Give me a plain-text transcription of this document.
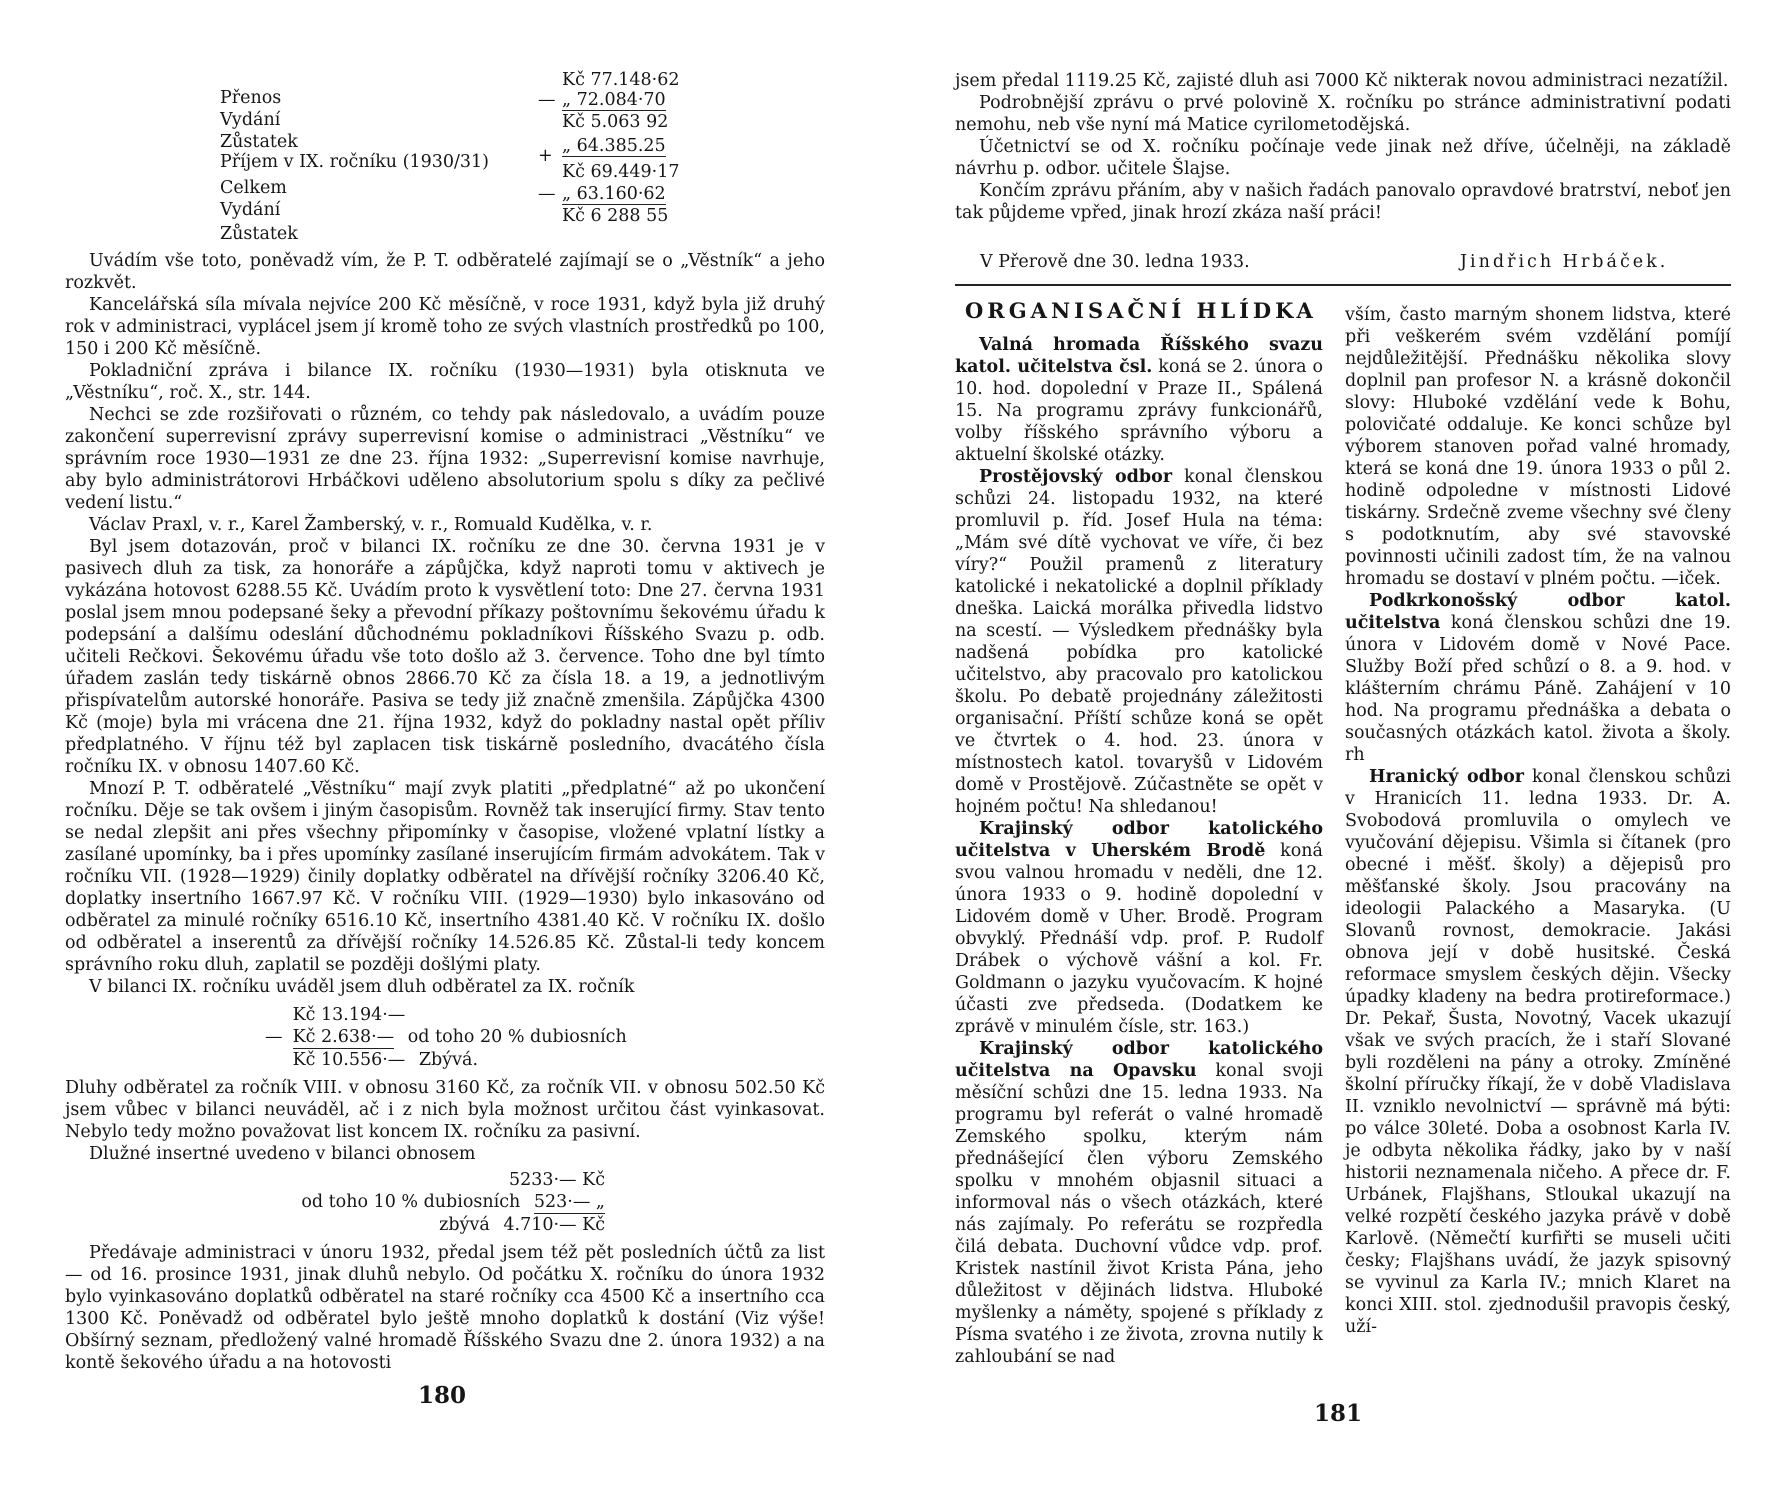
Přenos
Kč 77.148·62
Vydání
— „ 72.084·70
Zůstatek
Kč 5.063 92
Příjem v IX. ročníku (1930/31)	+ „ 64.385.25
Celkem
Kč 69.449·17
Vydání
— „ 63.160·62
Zůstatek
Kč 6 288 55

Uvádím vše toto, poněvadž vím, že P. T. odběratelé zajímají se o „Věstník“ a jeho rozkvět.

Kancelářská síla mívala nejvíce 200 Kč měsíčně, v roce 1931, když byla již druhý rok v administraci, vyplácel jsem jí kromě toho ze svých vlastních prostředků po 100, 150 i 200 Kč měsíčně.

Pokladniční zpráva i bilance IX. ročníku (1930—1931) byla otisknuta ve „Věstníku“, roč. X., str. 144.

Nechci se zde rozšiřovati o různém, co tehdy pak následovalo, a uvádím pouze zakončení superrevisní zprávy superrevisní komise o administraci „Věstníku“ ve správním roce 1930—1931 ze dne 23. října 1932: „Superrevisní komise navrhuje, aby bylo administrátorovi Hrbáčkovi uděleno absolutorium spolu s díky za pečlivé vedení listu.“

Václav Praxl, v. r., Karel Žamberský, v. r., Romuald Kudělka, v. r.

Byl jsem dotazován, proč v bilanci IX. ročníku ze dne 30. června 1931 je v pasivech dluh za tisk, za honoráře a zápůjčka, když naproti tomu v aktivech je vykázána hotovost 6288.55 Kč. Uvádím proto k vysvětlení toto: Dne 27. června 1931 poslal jsem mnou podepsané šeky a převodní příkazy poštovnímu šekovému úřadu k podepsání a dalšímu odeslání důchodnému pokladníkovi Říšského Svazu p. odb. učiteli Rečkovi. Šekovému úřadu vše toto došlo až 3. července. Toho dne byl tímto úřadem zaslán tedy tiskárně obnos 2866.70 Kč za čísla 18. a 19, a jednotlivým přispívatelům autorské honoráře. Pasiva se tedy již značně zmenšila. Zápůjčka 4300 Kč (moje) byla mi vrácena dne 21. října 1932, když do pokladny nastal opět příliv předplatného. V říjnu též byl zaplacen tisk tiskárně posledního, dvacátého čísla ročníku IX. v obnosu 1407.60 Kč.

Mnozí P. T. odběratelé „Věstníku“ mají zvyk platiti „předplatné“ až po ukončení ročníku. Děje se tak ovšem i jiným časopisům. Rovněž tak inserující firmy. Stav tento se nedal zlepšit ani přes všechny připomínky v časopise, vložené vplatní lístky a zasílané upomínky, ba i přes upomínky zasílané inserujícím firmám advokátem. Tak v ročníku VII. (1928—1929) činily doplatky odběratel na dřívější ročníky 3206.40 Kč, doplatky insertního 1667.97 Kč. V ročníku VIII. (1929—1930) bylo inkasováno od odběratel za minulé ročníky 6516.10 Kč, insertního 4381.40 Kč. V ročníku IX. došlo od odběratel a inserentů za dřívější ročníky 14.526.85 Kč. Zůstal-li tedy koncem správního roku dluh, zaplatil se později došlými platy.

V bilanci IX. ročníku uváděl jsem dluh odběratel za IX. ročník

Kč 13.194·—
— Kč 2.638·— od toho 20 % dubiosních
Kč 10.556·— Zbývá.

Dluhy odběratel za ročník VIII. v obnosu 3160 Kč, za ročník VII. v obnosu 502.50 Kč jsem vůbec v bilanci neuváděl, ač i z nich byla možnost určitou část vyinkasovat. Nebylo tedy možno považovat list koncem IX. ročníku za pasivní.

Dlužné insertné uvedeno v bilanci obnosem

5233·— Kč
od toho 10 % dubiosních 523·— „
zbývá 4.710·— Kč

Předávaje administraci v únoru 1932, předal jsem též pět posledních účtů za list — od 16. prosince 1931, jinak dluhů nebylo. Od počátku X. ročníku do února 1932 bylo vyinkasováno doplatků odběratel na staré ročníky cca 4500 Kč a insertního cca 1300 Kč. Poněvadž od odběratel bylo ještě mnoho doplatků k dostání (Viz výše! Obšírný seznam, předložený valné hromadě Říšského Svazu dne 2. února 1932) a na kontě šekového úřadu a na hotovosti

180

jsem předal 1119.25 Kč, zajisté dluh asi 7000 Kč nikterak novou administraci nezatížil.

Podrobnější zprávu o prvé polovině X. ročníku po stránce administrativní podati nemohu, neb vše nyní má Matice cyrilometodějská.

Účetnictví se od X. ročníku počínaje vede jinak než dříve, účelněji, na základě návrhu p. odbor. učitele Šlajse.

Končím zprávu přáním, aby v našich řadách panovalo opravdové bratrství, neboť jen tak půjdeme vpřed, jinak hrozí zkáza naší práci!

V Přerově dne 30. ledna 1933.	Jindřich Hrbáček.
ORGANISAČNÍ HLÍDKA

Valná hromada Říšského svazu katol. učitelstva čsl. koná se 2. února o 10. hod. dopolední v Praze II., Spálená 15. Na programu zprávy funkcionářů, volby říšského správního výboru a aktuelní školské otázky.

Prostějovský odbor konal členskou schůzi 24. listopadu 1932, na které promluvil p. říd. Josef Hula na téma: „Mám své dítě vychovat ve víře, či bez víry?“ Použil pramenů z literatury katolické i nekatolické a doplnil příklady dneška. Laická morálka přivedla lidstvo na scestí. — Výsledkem přednášky byla nadšená pobídka pro katolické učitelstvo, aby pracovalo pro katolickou školu. Po debatě projednány záležitosti organisační. Příští schůze koná se opět ve čtvrtek o 4. hod. 23. února v místnostech katol. tovaryšů v Lidovém domě v Prostějově. Zúčastněte se opět v hojném počtu! Na shledanou!

Krajinský odbor katolického učitelstva v Uherském Brodě koná svou valnou hromadu v neděli, dne 12. února 1933 o 9. hodině dopolední v Lidovém domě v Uher. Brodě. Program obvyklý. Přednáší vdp. prof. P. Rudolf Drábek o výchově vášní a kol. Fr. Goldmann o jazyku vyučovacím. K hojné účasti zve předseda. (Dodatkem ke zprávě v minulém čísle, str. 163.)

Krajinský odbor katolického učitelstva na Opavsku konal svoji měsíční schůzi dne 15. ledna 1933. Na programu byl referát o valné hromadě Zemského spolku, kterým nám přednášející člen výboru Zemského spolku v mnohém objasnil situaci a informoval nás o všech otázkách, které nás zajímaly. Po referátu se rozpředla čilá debata. Duchovní vůdce vdp. prof. Kristek nastínil život Krista Pána, jeho důležitost v dějinách lidstva. Hluboké myšlenky a náměty, spojené s příklady z Písma svatého i ze života, zrovna nutily k zahloubání se nad

vším, často marným shonem lidstva, které při veškerém svém vzdělání pomíjí nejdůležitější. Přednášku několika slovy doplnil pan profesor N. a krásně dokončil slovy: Hluboké vzdělání vede k Bohu, polovičaté oddaluje. Ke konci schůze byl výborem stanoven pořad valné hromady, která se koná dne 19. února 1933 o půl 2. hodině odpoledne v místnosti Lidové tiskárny. Srdečně zveme všechny své členy s podotknutím, aby své stavovské povinnosti učinili zadost tím, že na valnou hromadu se dostaví v plném počtu. —iček.

Podkrkonošský odbor katol. učitelstva koná členskou schůzi dne 19. února v Lidovém domě v Nové Pace. Služby Boží před schůzí o 8. a 9. hod. v klášterním chrámu Páně. Zahájení v 10 hod. Na programu přednáška a debata o současných otázkách katol. života a školy. rh

Hranický odbor konal členskou schůzi v Hranicích 11. ledna 1933. Dr. A. Svobodová promluvila o omylech ve vyučování dějepisu. Všimla si čítanek (pro obecné i měšť. školy) a dějepisů pro měšťanské školy. Jsou pracovány na ideologii Palackého a Masaryka. (U Slovanů rovnost, demokracie. Jakási obnova její v době husitské. Česká reformace smyslem českých dějin. Všecky úpadky kladeny na bedra protireformace.) Dr. Pekař, Šusta, Novotný, Vacek ukazují však ve svých pracích, že i staří Slované byli rozděleni na pány a otroky. Zmíněné školní příručky říkají, že v době Vladislava II. vzniklo nevolnictví — správně má býti: po válce 30leté. Doba a osobnost Karla IV. je odbyta několika řádky, jako by v naší historii neznamenala ničeho. A přece dr. F. Urbánek, Flajšhans, Stloukal ukazují na velké rozpětí českého jazyka právě v době Karlově. (Němečtí kurfiřti se museli učiti česky; Flajšhans uvádí, že jazyk spisovný se vyvinul za Karla IV.; mnich Klaret na konci XIII. stol. zjednodušil pravopis český, uží-

181
